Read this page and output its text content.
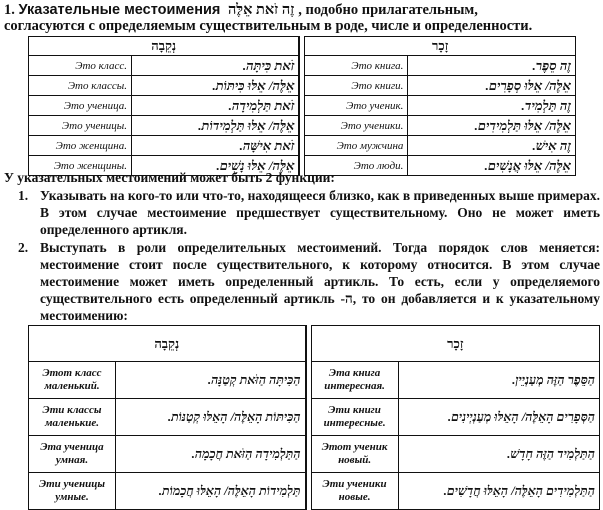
1. Указательные местоимения זֶה זֹאת אֵלֶּה , подобно прилагательным,
согласуются с определяемым существительным в роде, числе и определенности.
נְקֵבָה			זָכָר	
Это класс.	זֹאת כִּיתָּה.		Это книга.	זֶה סֵפֶר.
Это классы.	אֵלֶּה/ אֵלּוּ כִּיתּוֹת.		Это книги.	אֵלֶּה/ אֵלּוּ סְפָרִים.
Это ученица.	זֹאת תַּלְמִידָה.		Это ученик.	זֶה תַּלְמִיד.
Это ученицы.	אֵלֶּה/ אֵלּוּ תַּלְמִידוֹת.		Это ученики.	אֵלֶּה/ אֵלּוּ תַּלְמִידִים.
Это женщина.	זֹאת אִישָּׁה.		Это мужчина	זֶה אִישׁ.
Это женщины.	אֵלֶּה/ אֵלּוּ נָשִׁים.		Это люди.	אֵלֶּה/ אֵלּוּ אֲנָשִׁים.
У указательных местоимений может быть 2 функции:
1. Указывать на кого-то или что-то, находящееся близко, как в приведенных выше примерах. В этом случае местоимение предшествует существительному. Оно не может иметь определенного артикля.
2. Выступать в роли определительных местоимений. Тогда порядок слов меняется: местоимение стоит после существительного, к которому относится. В этом случае местоимение может иметь определенный артикль. То есть, если у определяемого существительного есть определенный артикль -ה, то он добавляется и к указательному местоимению:
נְקֵבָה			זָכָר	
Этот класс маленький.	הַכִּיתָּה הַזֹּאת קְטַנָּה.		Эта книга интересная.	הַסֵּפֶר הַזֶּה מְעַנְיֵין.
Эти классы маленькие.	הַכִּיתּוֹת הָאֵלֶּה/ הָאֵלּוּ קְטַנּוֹת.		Эти книги интересные.	הַסְּפָרִים הָאֵלֶּה/ הָאֵלּוּ מְעַנְיְינִים.
Эта ученица умная.	הַתַּלְמִידָה הַזֹּאת חֲכָמָה.		Этот ученик новый.	הַתַּלְמִיד הַזֶּה חָדָשׁ.
Эти ученицы умные.	תַּלְמִידוֹת הָאֵלֶּה/ הָאֵלּוּ חֲכָמוֹת.		Эти ученики новые.	הַתַּלְמִידִים הָאֵלֶּה/ הָאֵלּוּ חֲדָשִׁים.
